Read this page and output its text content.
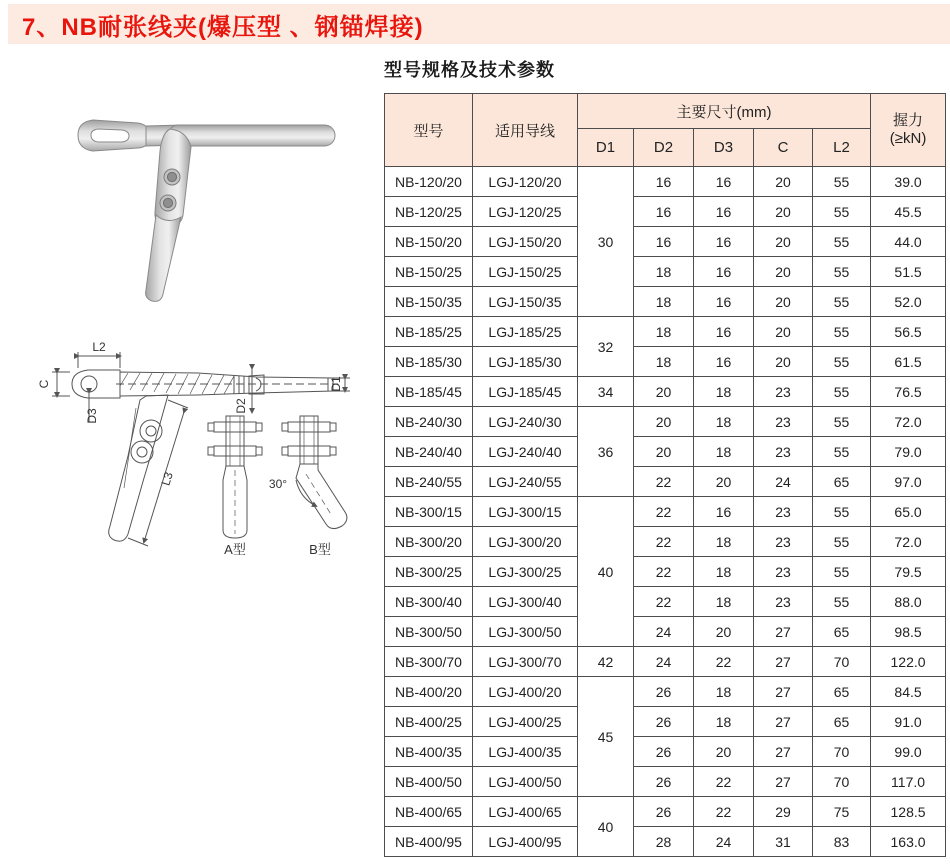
7、NB耐张线夹(爆压型 、钢锚焊接)
型号规格及技术参数
L2
C
D3
D2
D1
L3	30°
A型	B型
型号	适用导线	主要尺寸(mm)					握力
(≥kN)
		D1	D2	D3	C	L2	
NB-120/20	LGJ-120/20	30	16	16	20	55	39.0
NB-120/25	LGJ-120/25		16	16	20	55	45.5
NB-150/20	LGJ-150/20		16	16	20	55	44.0
NB-150/25	LGJ-150/25		18	16	20	55	51.5
NB-150/35	LGJ-150/35		18	16	20	55	52.0
NB-185/25	LGJ-185/25	32	18	16	20	55	56.5
NB-185/30	LGJ-185/30		18	16	20	55	61.5
NB-185/45	LGJ-185/45	34	20	18	23	55	76.5
NB-240/30	LGJ-240/30	36	20	18	23	55	72.0
NB-240/40	LGJ-240/40		20	18	23	55	79.0
NB-240/55	LGJ-240/55		22	20	24	65	97.0
NB-300/15	LGJ-300/15	40	22	16	23	55	65.0
NB-300/20	LGJ-300/20		22	18	23	55	72.0
NB-300/25	LGJ-300/25		22	18	23	55	79.5
NB-300/40	LGJ-300/40		22	18	23	55	88.0
NB-300/50	LGJ-300/50		24	20	27	65	98.5
NB-300/70	LGJ-300/70	42	24	22	27	70	122.0
NB-400/20	LGJ-400/20	45	26	18	27	65	84.5
NB-400/25	LGJ-400/25		26	18	27	65	91.0
NB-400/35	LGJ-400/35		26	20	27	70	99.0
NB-400/50	LGJ-400/50		26	22	27	70	117.0
NB-400/65	LGJ-400/65	40	26	22	29	75	128.5
NB-400/95	LGJ-400/95		28	24	31	83	163.0
